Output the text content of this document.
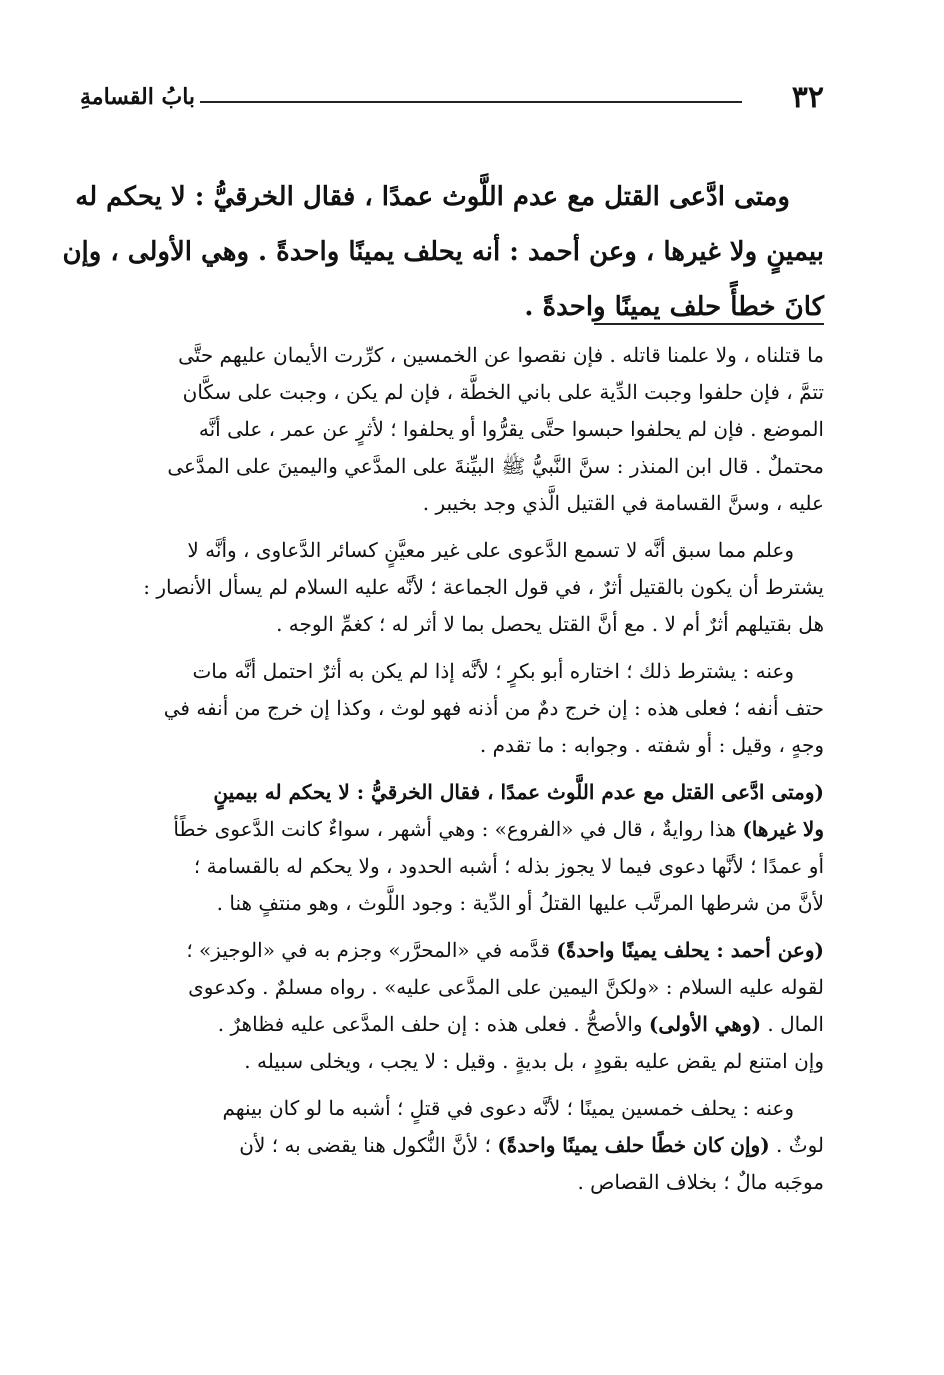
٣٢
بابُ القسامةِ
ومتى ادَّعى القتل مع عدم اللَّوث عمدًا ، فقال الخرقيُّ : لا يحكم له
بيمينٍ ولا غيرها ، وعن أحمد : أنه يحلف يمينًا واحدةً . وهي الأولى ، وإن
كانَ خطأً حلف يمينًا واحدةً .

ما قتلناه ، ولا علمنا قاتله . فإن نقصوا عن الخمسين ، كرِّرت الأيمان عليهم حتَّى
تتمَّ ، فإن حلفوا وجبت الدِّية على باني الخطَّة ، فإن لم يكن ، وجبت على سكَّان
الموضع . فإن لم يحلفوا حبسوا حتَّى يقرُّوا أو يحلفوا ؛ لأثرٍ عن عمر ، على أنَّه
محتملٌ . قال ابن المنذر : سنَّ النَّبيُّ ﷺ البيِّنةَ على المدَّعي واليمينَ على المدَّعى
عليه ، وسنَّ القسامة في القتيل الَّذي وجد بخيبر .

وعلم مما سبق أنَّه لا تسمع الدَّعوى على غير معيَّنٍ كسائر الدَّعاوى ، وأنَّه لا
يشترط أن يكون بالقتيل أثرٌ ، في قول الجماعة ؛ لأنَّه عليه السلام لم يسأل الأنصار :
هل بقتيلهم أثرٌ أم لا . مع أنَّ القتل يحصل بما لا أثر له ؛ كغمِّ الوجه .

وعنه : يشترط ذلك ؛ اختاره أبو بكرٍ ؛ لأنَّه إذا لم يكن به أثرٌ احتمل أنَّه مات
حتف أنفه ؛ فعلى هذه : إن خرج دمٌ من أذنه فهو لوث ، وكذا إن خرج من أنفه في
وجهٍ ، وقيل : أو شفته . وجوابه : ما تقدم .

(ومتى ادَّعى القتل مع عدم اللَّوث عمدًا ، فقال الخرقيُّ : لا يحكم له بيمينٍ
ولا غيرها) هذا روايةٌ ، قال في «الفروع» : وهي أشهر ، سواءٌ كانت الدَّعوى خطًأ
أو عمدًا ؛ لأنَّها دعوى فيما لا يجوز بذله ؛ أشبه الحدود ، ولا يحكم له بالقسامة ؛
لأنَّ من شرطها المرتَّب عليها القتلُ أو الدِّية : وجود اللَّوث ، وهو منتفٍ هنا .

(وعن أحمد : يحلف يمينًا واحدةً) قدَّمه في «المحرَّر» وجزم به في «الوجيز» ؛
لقوله عليه السلام : «ولكنَّ اليمين على المدَّعى عليه» . رواه مسلمٌ . وكدعوى
المال . (وهي الأولى) والأصحُّ . فعلى هذه : إن حلف المدَّعى عليه فظاهرٌ .
وإن امتنع لم يقض عليه بقودٍ ، بل بديةٍ . وقيل : لا يجب ، ويخلى سبيله .

وعنه : يحلف خمسين يمينًا ؛ لأنَّه دعوى في قتلٍ ؛ أشبه ما لو كان بينهم
لوثٌ . (وإن كان خطًا حلف يمينًا واحدةً) ؛ لأنَّ النُّكول هنا يقضى به ؛ لأن
موجَبه مالٌ ؛ بخلاف القصاص .
